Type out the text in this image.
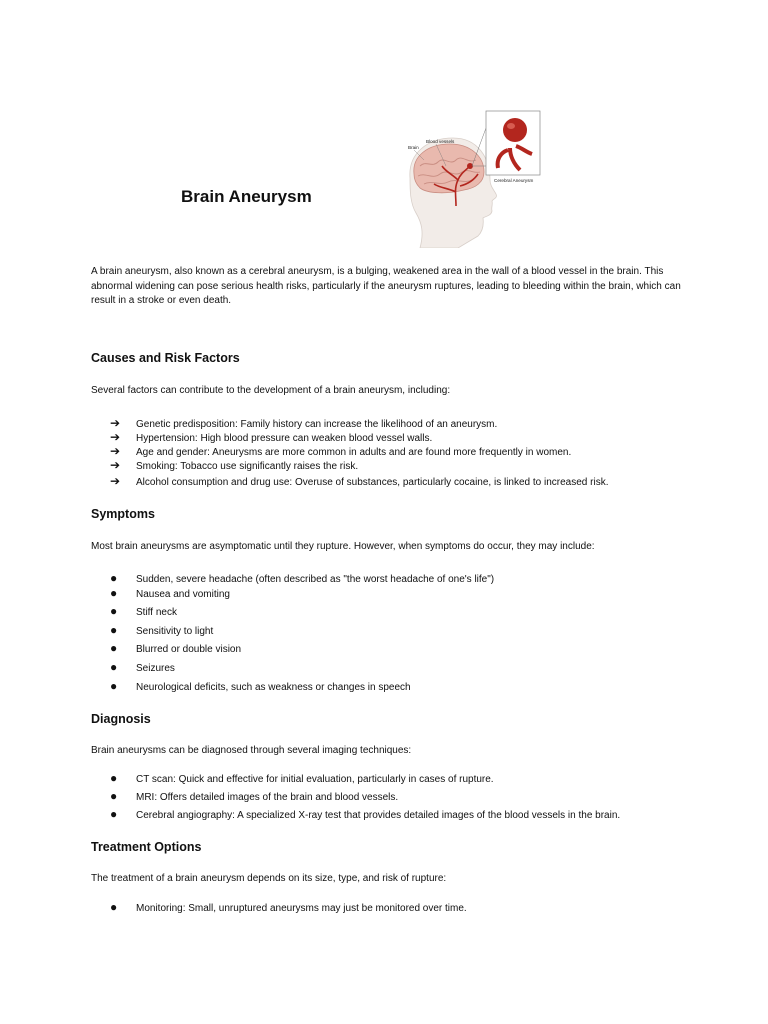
Brain Aneurysm
Brain
Blood vessels
Cerebral Aneurysm

A brain aneurysm, also known as a cerebral aneurysm, is a bulging, weakened area in the wall of a blood vessel in the brain. This abnormal widening can pose serious health risks, particularly if the aneurysm ruptures, leading to bleeding within the brain, which can result in a stroke or even death.

Causes and Risk Factors

Several factors can contribute to the development of a brain aneurysm, including:

➔ Genetic predisposition: Family history can increase the likelihood of an aneurysm.
➔ Hypertension: High blood pressure can weaken blood vessel walls.
➔ Age and gender: Aneurysms are more common in adults and are found more frequently in women.
➔ Smoking: Tobacco use significantly raises the risk.
➔ Alcohol consumption and drug use: Overuse of substances, particularly cocaine, is linked to increased risk.
Symptoms

Most brain aneurysms are asymptomatic until they rupture. However, when symptoms do occur, they may include:

● Sudden, severe headache (often described as "the worst headache of one's life")
● Nausea and vomiting
● Stiff neck
● Sensitivity to light
● Blurred or double vision
● Seizures
● Neurological deficits, such as weakness or changes in speech
Diagnosis

Brain aneurysms can be diagnosed through several imaging techniques:

● CT scan: Quick and effective for initial evaluation, particularly in cases of rupture.
● MRI: Offers detailed images of the brain and blood vessels.
● Cerebral angiography: A specialized X-ray test that provides detailed images of the blood vessels in the brain.
Treatment Options

The treatment of a brain aneurysm depends on its size, type, and risk of rupture:

● Monitoring: Small, unruptured aneurysms may just be monitored over time.
